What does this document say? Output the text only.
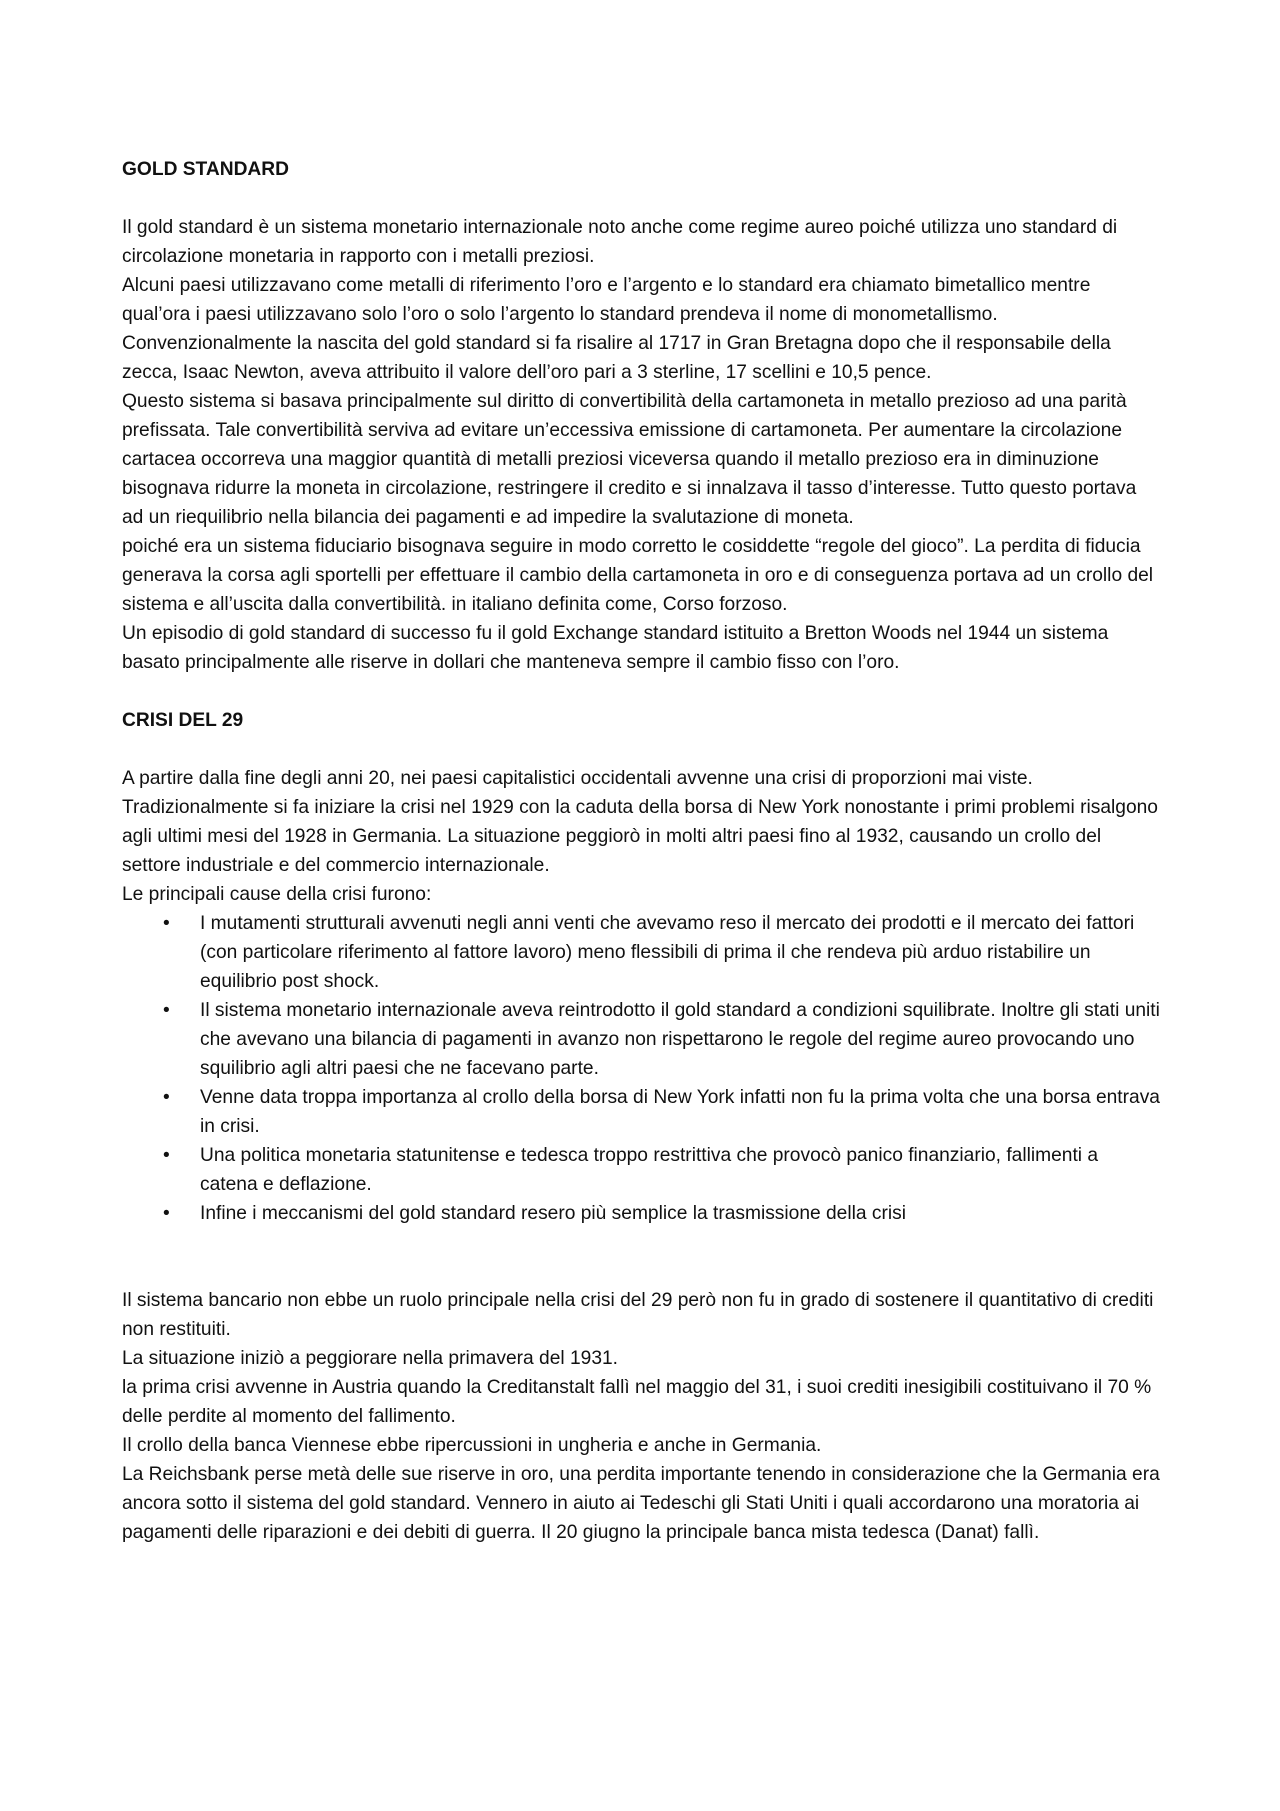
GOLD STANDARD

Il gold standard è un sistema monetario internazionale noto anche come regime aureo poiché utilizza uno standard di circolazione monetaria in rapporto con i metalli preziosi.

Alcuni paesi utilizzavano come metalli di riferimento l’oro e l’argento e lo standard era chiamato bimetallico mentre qual’ora i paesi utilizzavano solo l’oro o solo l’argento lo standard prendeva il nome di monometallismo. Convenzionalmente la nascita del gold standard si fa risalire al 1717 in Gran Bretagna dopo che il responsabile della zecca, Isaac Newton, aveva attribuito il valore dell’oro pari a 3 sterline, 17 scellini e 10,5 pence.

Questo sistema si basava principalmente sul diritto di convertibilità della cartamoneta in metallo prezioso ad una parità prefissata. Tale convertibilità serviva ad evitare un’eccessiva emissione di cartamoneta. Per aumentare la circolazione cartacea occorreva una maggior quantità di metalli preziosi viceversa quando il metallo prezioso era in diminuzione bisognava ridurre la moneta in circolazione, restringere il credito e si innalzava il tasso d’interesse. Tutto questo portava ad un riequilibrio nella bilancia dei pagamenti e ad impedire la svalutazione di moneta.

poiché era un sistema fiduciario bisognava seguire in modo corretto le cosiddette “regole del gioco”. La perdita di fiducia generava la corsa agli sportelli per effettuare il cambio della cartamoneta in oro e di conseguenza portava ad un crollo del sistema e all’uscita dalla convertibilità. in italiano definita come, Corso forzoso.

Un episodio di gold standard di successo fu il gold Exchange standard istituito a Bretton Woods nel 1944 un sistema basato principalmente alle riserve in dollari che manteneva sempre il cambio fisso con l’oro.

CRISI DEL 29

A partire dalla fine degli anni 20, nei paesi capitalistici occidentali avvenne una crisi di proporzioni mai viste. Tradizionalmente si fa iniziare la crisi nel 1929 con la caduta della borsa di New York nonostante i primi problemi risalgono agli ultimi mesi del 1928 in Germania. La situazione peggiorò in molti altri paesi fino al 1932, causando un crollo del settore industriale e del commercio internazionale.

Le principali cause della crisi furono:

• I mutamenti strutturali avvenuti negli anni venti che avevamo reso il mercato dei prodotti e il mercato dei fattori (con particolare riferimento al fattore lavoro) meno flessibili di prima il che rendeva più arduo ristabilire un equilibrio post shock.
• Il sistema monetario internazionale aveva reintrodotto il gold standard a condizioni squilibrate. Inoltre gli stati uniti che avevano una bilancia di pagamenti in avanzo non rispettarono le regole del regime aureo provocando uno squilibrio agli altri paesi che ne facevano parte.
• Venne data troppa importanza al crollo della borsa di New York infatti non fu la prima volta che una borsa entrava in crisi.
• Una politica monetaria statunitense e tedesca troppo restrittiva che provocò panico finanziario, fallimenti a catena e deflazione.
• Infine i meccanismi del gold standard resero più semplice la trasmissione della crisi

Il sistema bancario non ebbe un ruolo principale nella crisi del 29 però non fu in grado di sostenere il quantitativo di crediti non restituiti.

La situazione iniziò a peggiorare nella primavera del 1931.

la prima crisi avvenne in Austria quando la Creditanstalt fallì nel maggio del 31, i suoi crediti inesigibili costituivano il 70 % delle perdite al momento del fallimento.

Il crollo della banca Viennese ebbe ripercussioni in ungheria e anche in Germania.

La Reichsbank perse metà delle sue riserve in oro, una perdita importante tenendo in considerazione che la Germania era ancora sotto il sistema del gold standard. Vennero in aiuto ai Tedeschi gli Stati Uniti i quali accordarono una moratoria ai pagamenti delle riparazioni e dei debiti di guerra. Il 20 giugno la principale banca mista tedesca (Danat) fallì.
